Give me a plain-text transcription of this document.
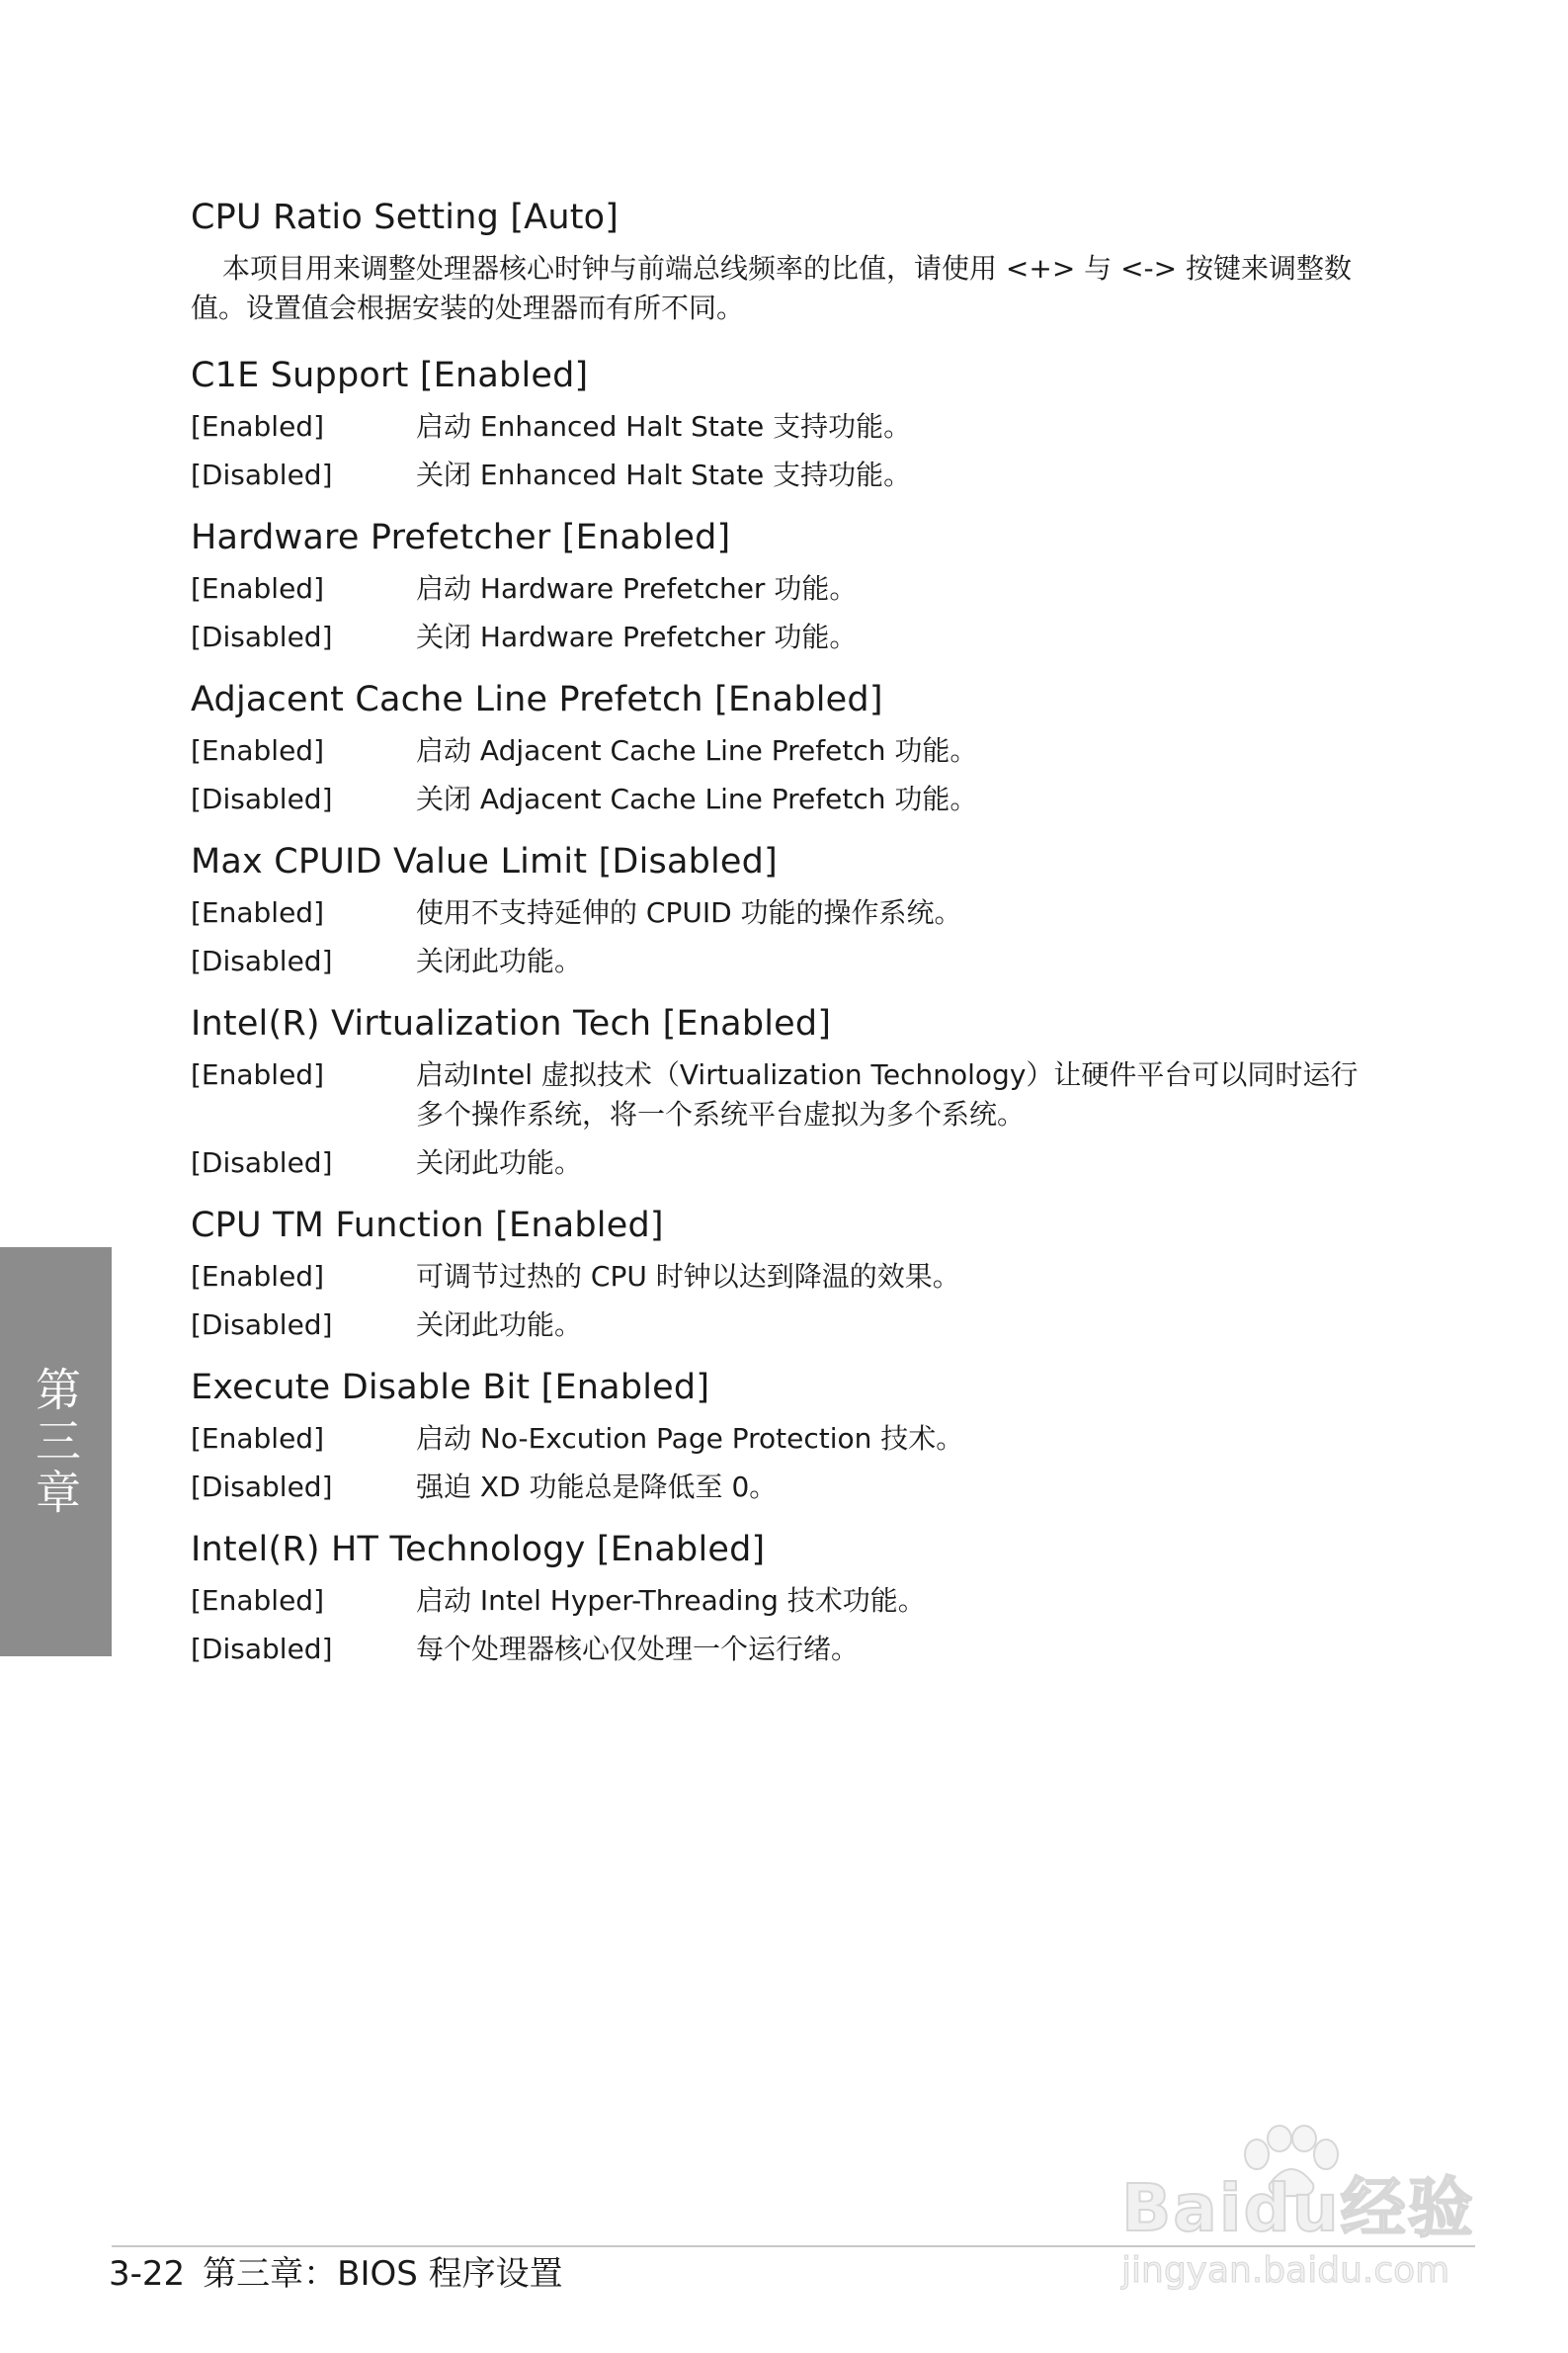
CPU Ratio Setting [Auto]
本项目用来调整处理器核心时钟与前端总线频率的比值，请使用 <+> 与 <-> 按键来调整数值。设置值会根据安装的处理器而有所不同。
C1E Support [Enabled]
[Enabled]	启动 Enhanced Halt State 支持功能。
[Disabled]	关闭 Enhanced Halt State 支持功能。
Hardware Prefetcher [Enabled]
[Enabled]	启动 Hardware Prefetcher 功能。
[Disabled]	关闭 Hardware Prefetcher 功能。
Adjacent Cache Line Prefetch [Enabled]
[Enabled]	启动 Adjacent Cache Line Prefetch 功能。
[Disabled]	关闭 Adjacent Cache Line Prefetch 功能。
Max CPUID Value Limit [Disabled]
[Enabled]	使用不支持延伸的 CPUID 功能的操作系统。
[Disabled]	关闭此功能。
Intel(R) Virtualization Tech [Enabled]
[Enabled]	启动Intel 虚拟技术（Virtualization Technology）让硬件平台可以同时运行多个操作系统，将一个系统平台虚拟为多个系统。
[Disabled]	关闭此功能。
CPU TM Function [Enabled]
[Enabled]	可调节过热的 CPU 时钟以达到降温的效果。
[Disabled]	关闭此功能。
Execute Disable Bit [Enabled]
[Enabled]	启动 No-Excution Page Protection 技术。
[Disabled]	强迫 XD 功能总是降低至 0。
Intel(R) HT Technology [Enabled]
[Enabled]	启动 Intel Hyper-Threading 技术功能。
[Disabled]	每个处理器核心仅处理一个运行绪。
第三章
3-22 第三章：BIOS 程序设置
Baidu经验
jingyan.baidu.com
